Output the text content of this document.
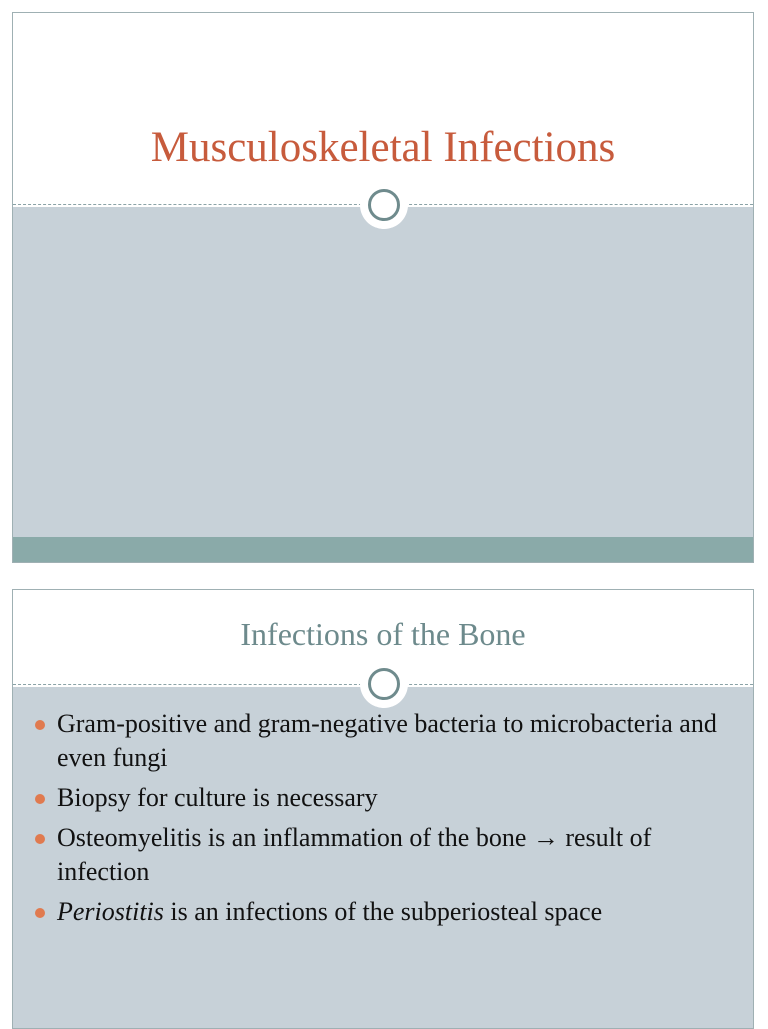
Musculoskeletal Infections
Infections of the Bone
Gram-positive and gram-negative bacteria to microbacteria and even fungi
Biopsy for culture is necessary
Osteomyelitis is an inflammation of the bone → result of infection
Periostitis is an infections of the subperiosteal space
